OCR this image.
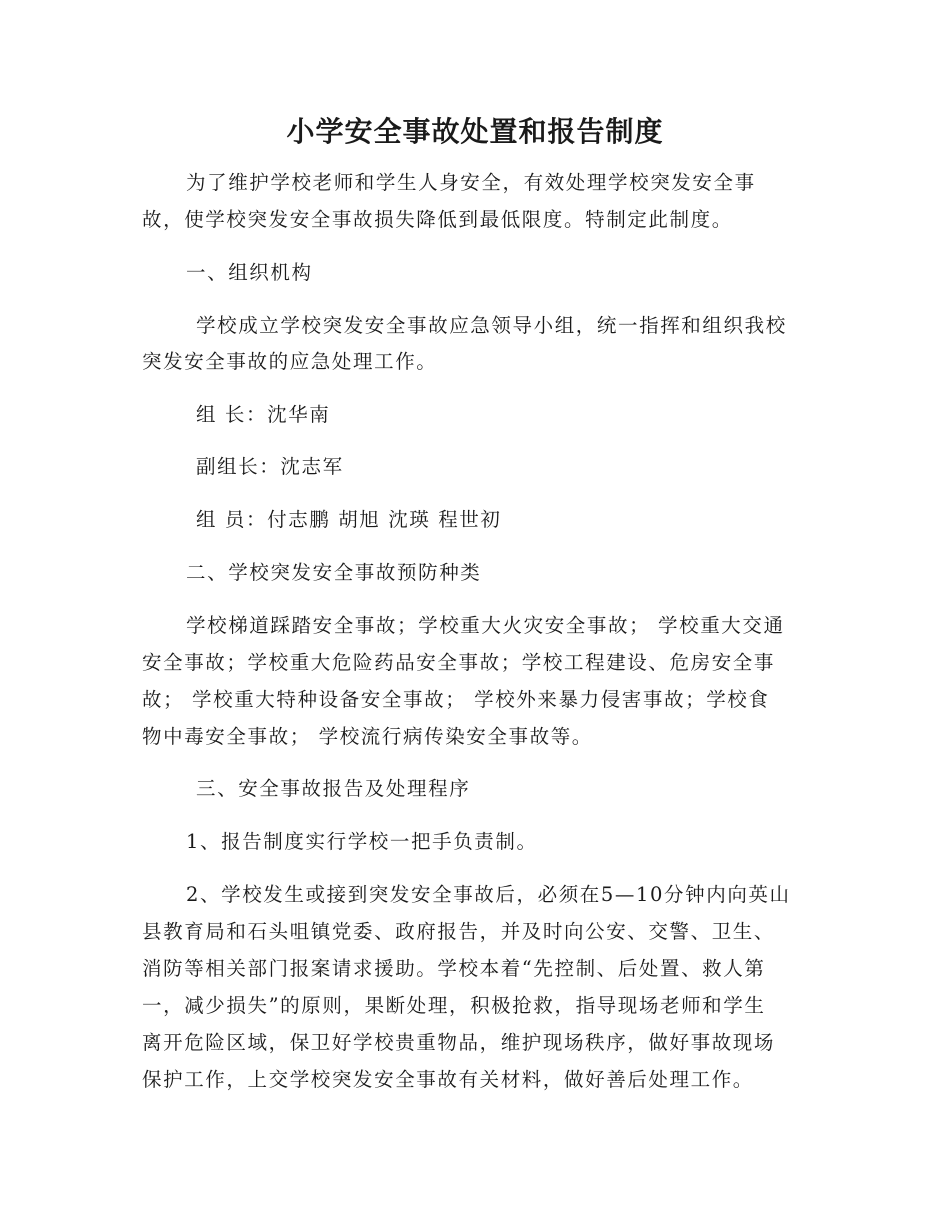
小学安全事故处置和报告制度
为了维护学校老师和学生人身安全，有效处理学校突发安全事
故，使学校突发安全事故损失降低到最低限度。特制定此制度。
一、组织机构
学校成立学校突发安全事故应急领导小组，统一指挥和组织我校
突发安全事故的应急处理工作。
组 长：沈华南
副组长：沈志军
组 员：付志鹏 胡旭 沈瑛 程世初
二、学校突发安全事故预防种类
学校梯道踩踏安全事故；学校重大火灾安全事故； 学校重大交通
安全事故；学校重大危险药品安全事故；学校工程建设、危房安全事
故； 学校重大特种设备安全事故； 学校外来暴力侵害事故；学校食
物中毒安全事故； 学校流行病传染安全事故等。
三、安全事故报告及处理程序
1、报告制度实行学校一把手负责制。
2、学校发生或接到突发安全事故后，必须在5—10分钟内向英山
县教育局和石头咀镇党委、政府报告，并及时向公安、交警、卫生、
消防等相关部门报案请求援助。学校本着“先控制、后处置、救人第
一，减少损失”的原则，果断处理，积极抢救，指导现场老师和学生
离开危险区域，保卫好学校贵重物品，维护现场秩序，做好事故现场
保护工作，上交学校突发安全事故有关材料，做好善后处理工作。
